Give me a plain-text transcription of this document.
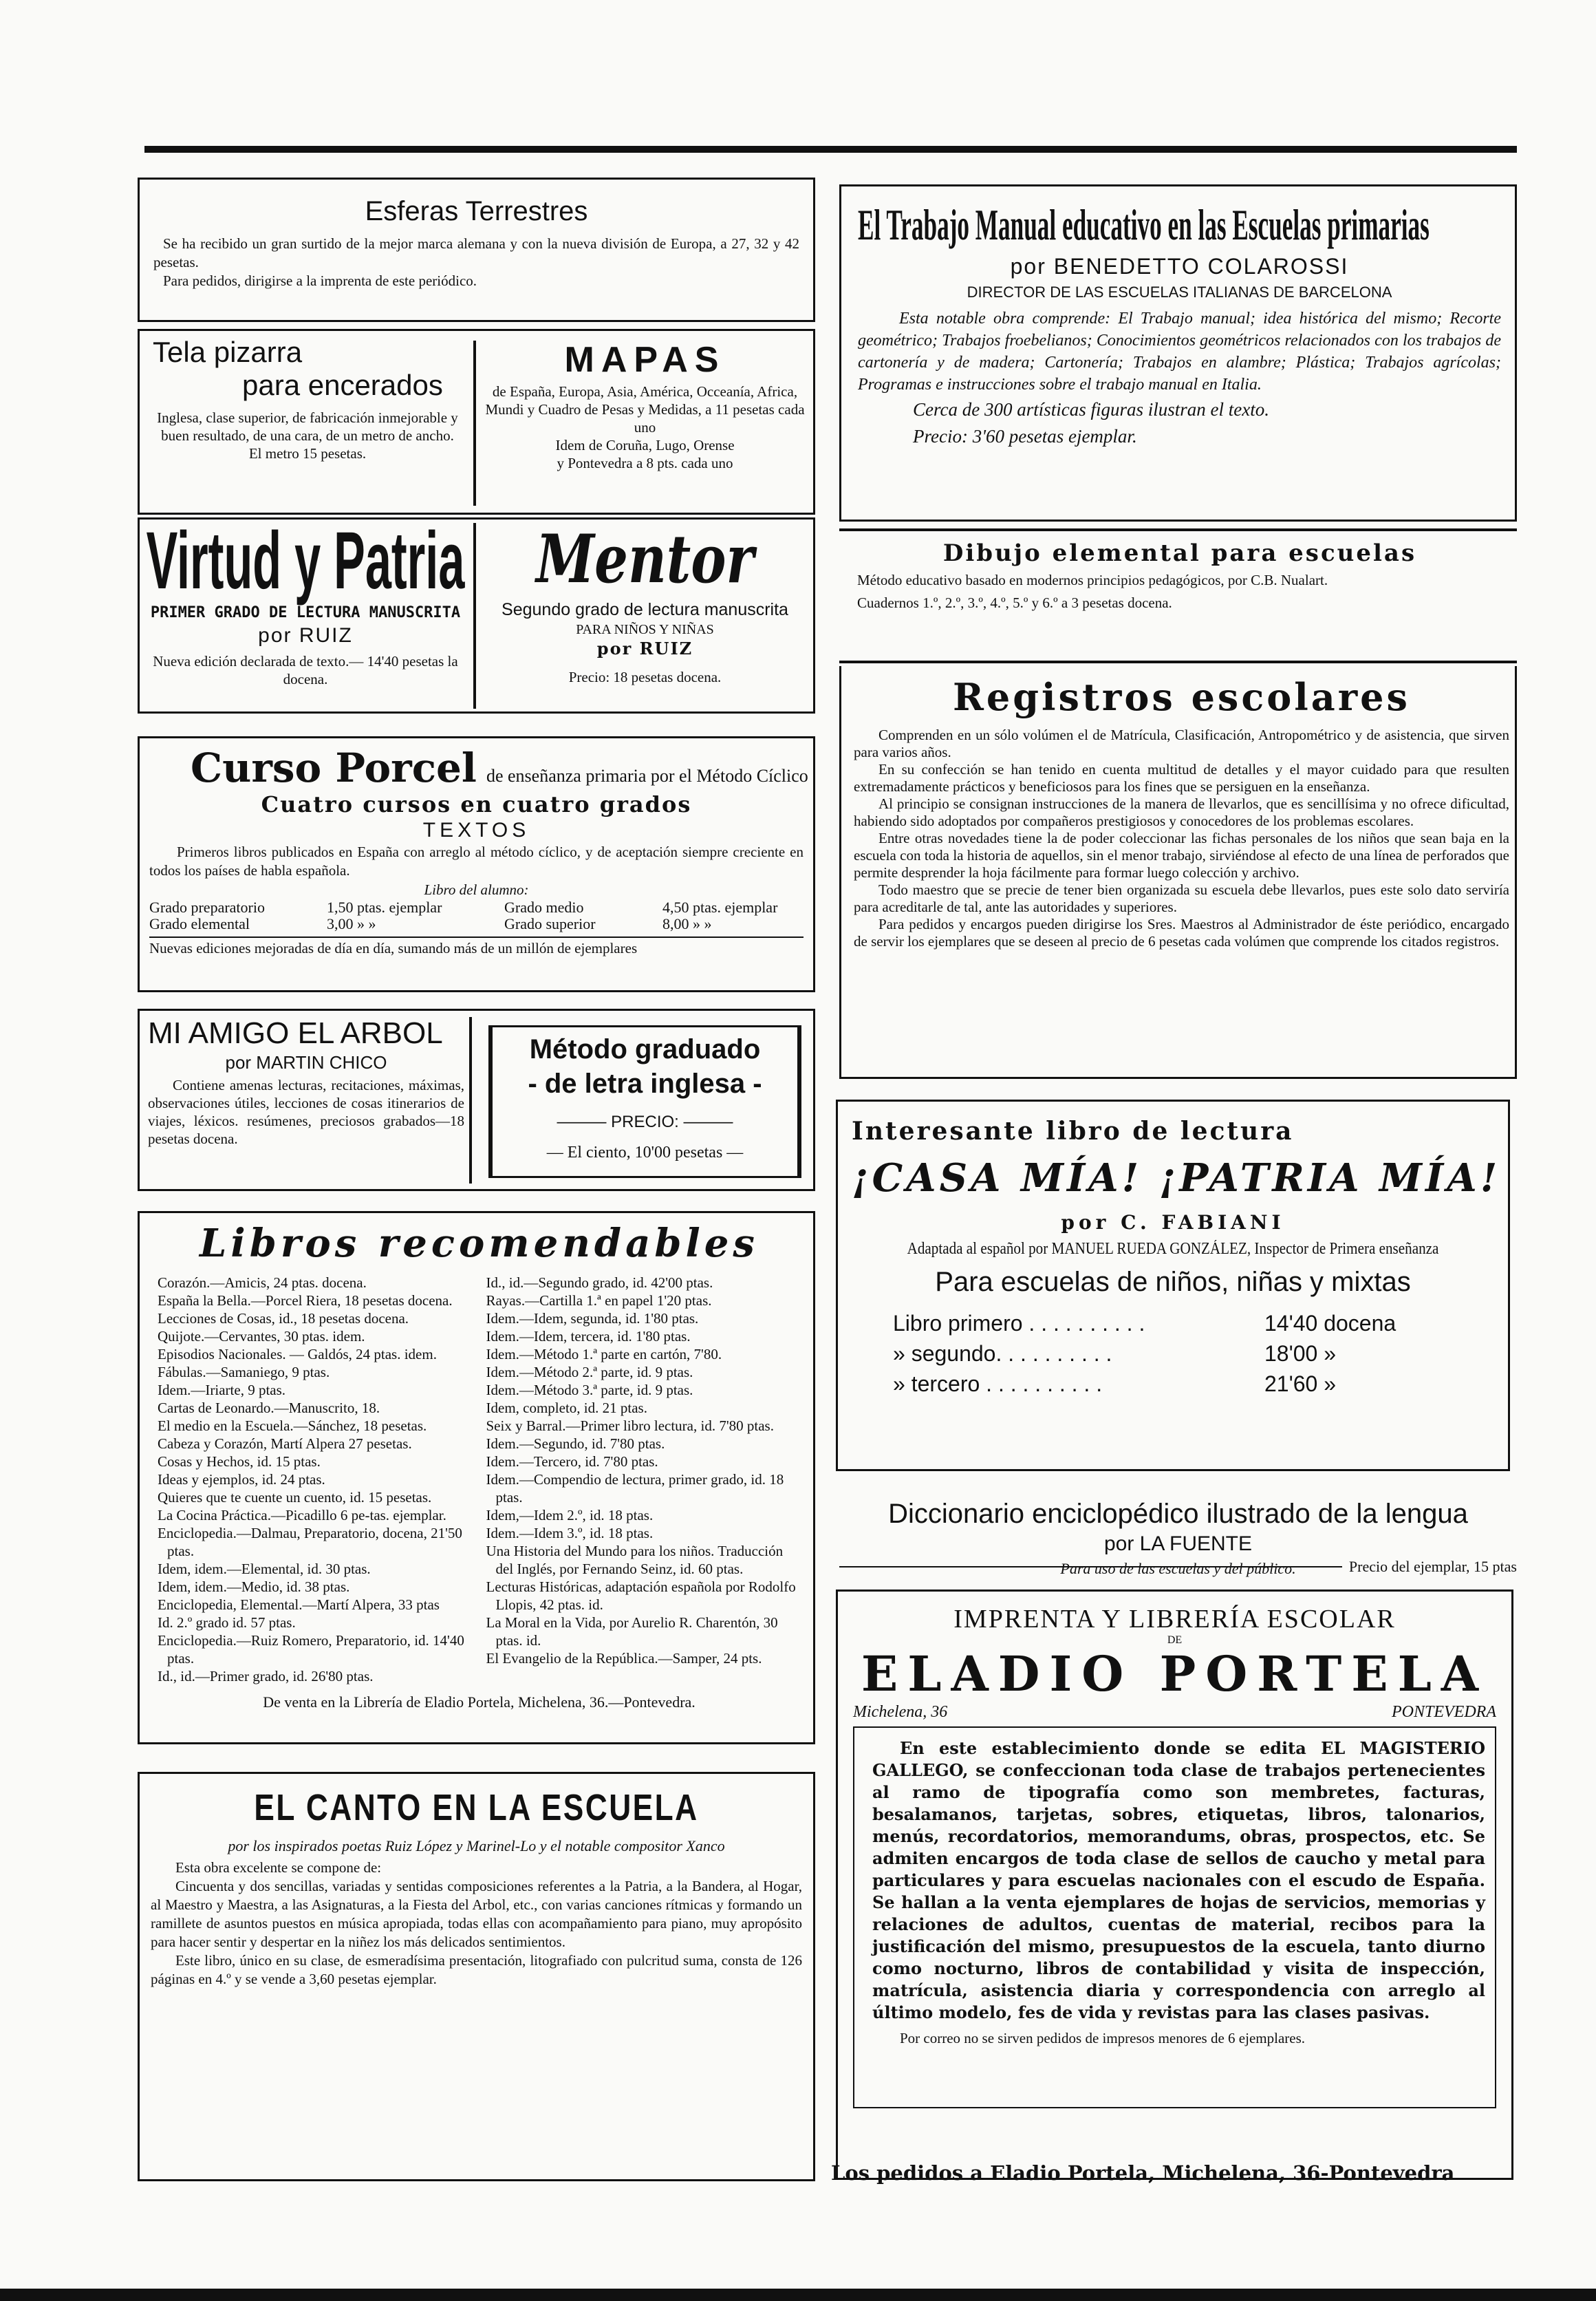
Esferas Terrestres
Se ha recibido un gran surtido de la mejor marca alemana y con la nueva división de Europa, a 27, 32 y 42 pesetas.
Para pedidos, dirigirse a la imprenta de este periódico.
Tela pizarra
para encerados
Inglesa, clase superior, de fabricación inmejorable y buen resultado, de una cara, de un metro de ancho.
El metro 15 pesetas.
MAPAS
de España, Europa, Asia, América, Occeanía, Africa, Mundi y Cuadro de Pesas y Medidas, a 11 pesetas cada uno
Idem de Coruña, Lugo, Orense
y Pontevedra a 8 pts. cada uno
Virtud y Patria
PRIMER GRADO DE LECTURA MANUSCRITA
por RUIZ
Nueva edición declarada de texto.— 14'40 pesetas la docena.
Mentor
Segundo grado de lectura manuscrita
PARA NIÑOS Y NIÑAS
por RUIZ
Precio: 18 pesetas docena.
Curso Porcel de enseñanza primaria por el Método Cíclico
Cuatro cursos en cuatro grados
TEXTOS
Primeros libros publicados en España con arreglo al método cíclico, y de aceptación siempre creciente en todos los países de habla española.
Libro del alumno:
Grado preparatorio	1,50 ptas. ejemplar	Grado medio	4,50 ptas. ejemplar
Grado elemental	3,00 » »	Grado superior	8,00 » »
Nuevas ediciones mejoradas de día en día, sumando más de un millón de ejemplares
MI AMIGO EL ARBOL
por MARTIN CHICO
Contiene amenas lecturas, recitaciones, máximas, observaciones útiles, lecciones de cosas itinerarios de viajes, léxicos. resúmenes, preciosos grabados—18 pesetas docena.
Método graduado
- de letra inglesa -
——— PRECIO: ———
— El ciento, 10'00 pesetas —
Libros recomendables
Corazón.—Amicis, 24 ptas. docena.
España la Bella.—Porcel Riera, 18 pesetas docena.
Lecciones de Cosas, id., 18 pesetas docena.
Quijote.—Cervantes, 30 ptas. idem.
Episodios Nacionales. — Galdós, 24 ptas. idem.
Fábulas.—Samaniego, 9 ptas.
Idem.—Iriarte, 9 ptas.
Cartas de Leonardo.—Manuscrito, 18.
El medio en la Escuela.—Sánchez, 18 pesetas.
Cabeza y Corazón, Martí Alpera 27 pesetas.
Cosas y Hechos, id. 15 ptas.
Ideas y ejemplos, id. 24 ptas.
Quieres que te cuente un cuento, id. 15 pesetas.
La Cocina Práctica.—Picadillo 6 pe-tas. ejemplar.
Enciclopedia.—Dalmau, Preparatorio, docena, 21'50 ptas.
Idem, idem.—Elemental, id. 30 ptas.
Idem, idem.—Medio, id. 38 ptas.
Enciclopedia, Elemental.—Martí Alpera, 33 ptas
Id. 2.º grado id. 57 ptas.
Enciclopedia.—Ruiz Romero, Preparatorio, id. 14'40 ptas.
Id., id.—Primer grado, id. 26'80 ptas.
Id., id.—Segundo grado, id. 42'00 ptas.
Rayas.—Cartilla 1.ª en papel 1'20 ptas.
Idem.—Idem, segunda, id. 1'80 ptas.
Idem.—Idem, tercera, id. 1'80 ptas.
Idem.—Método 1.ª parte en cartón, 7'80.
Idem.—Método 2.ª parte, id. 9 ptas.
Idem.—Método 3.ª parte, id. 9 ptas.
Idem, completo, id. 21 ptas.
Seix y Barral.—Primer libro lectura, id. 7'80 ptas.
Idem.—Segundo, id. 7'80 ptas.
Idem.—Tercero, id. 7'80 ptas.
Idem.—Compendio de lectura, primer grado, id. 18 ptas.
Idem,—Idem 2.º, id. 18 ptas.
Idem.—Idem 3.º, id. 18 ptas.
Una Historia del Mundo para los niños. Traducción del Inglés, por Fernando Seinz, id. 60 ptas.
Lecturas Históricas, adaptación española por Rodolfo Llopis, 42 ptas. id.
La Moral en la Vida, por Aurelio R. Charentón, 30 ptas. id.
El Evangelio de la República.—Samper, 24 pts.
De venta en la Librería de Eladio Portela, Michelena, 36.—Pontevedra.
EL CANTO EN LA ESCUELA
por los inspirados poetas Ruiz López y Marinel-Lo y el notable compositor Xanco
Esta obra excelente se compone de:
Cincuenta y dos sencillas, variadas y sentidas composiciones referentes a la Patria, a la Bandera, al Hogar, al Maestro y Maestra, a las Asignaturas, a la Fiesta del Arbol, etc., con varias canciones rítmicas y formando un ramillete de asuntos puestos en música apropiada, todas ellas con acompañamiento para piano, muy apropósito para hacer sentir y despertar en la niñez los más delicados sentimientos.
Este libro, único en su clase, de esmeradísima presentación, litografiado con pulcritud suma, consta de 126 páginas en 4.º y se vende a 3,60 pesetas ejemplar.
El Trabajo Manual educativo en las Escuelas primarias
por BENEDETTO COLAROSSI
DIRECTOR DE LAS ESCUELAS ITALIANAS DE BARCELONA
Esta notable obra comprende: El Trabajo manual; idea histórica del mismo; Recorte geométrico; Trabajos froebelianos; Conocimientos geométricos relacionados con los trabajos de cartonería y de madera; Cartonería; Trabajos en alambre; Plástica; Trabajos agrícolas; Programas e instrucciones sobre el trabajo manual en Italia.
Cerca de 300 artísticas figuras ilustran el texto.
Precio: 3'60 pesetas ejemplar.
Dibujo elemental para escuelas
Método educativo basado en modernos principios pedagógicos, por C.B. Nualart.
Cuadernos 1.º, 2.º, 3.º, 4.º, 5.º y 6.º a 3 pesetas docena.
Registros escolares
Comprenden en un sólo volúmen el de Matrícula, Clasificación, Antropométrico y de asistencia, que sirven para varios años.
En su confección se han tenido en cuenta multitud de detalles y el mayor cuidado para que resulten extremadamente prácticos y beneficiosos para los fines que se persiguen en la enseñanza.
Al principio se consignan instrucciones de la manera de llevarlos, que es sencillísima y no ofrece dificultad, habiendo sido adoptados por compañeros prestigiosos y conocedores de los problemas escolares.
Entre otras novedades tiene la de poder coleccionar las fichas personales de los niños que sean baja en la escuela con toda la historia de aquellos, sin el menor trabajo, sirviéndose al efecto de una línea de perforados que permite desprender la hoja fácilmente para formar luego colección y archivo.
Todo maestro que se precie de tener bien organizada su escuela debe llevarlos, pues este solo dato serviría para acreditarle de tal, ante las autoridades y superiores.
Para pedidos y encargos pueden dirigirse los Sres. Maestros al Administrador de éste periódico, encargado de servir los ejemplares que se deseen al precio de 6 pesetas cada volúmen que comprende los citados registros.
Interesante libro de lectura
¡CASA MÍA! ¡PATRIA MÍA!
por C. FABIANI
Adaptada al español por MANUEL RUEDA GONZÁLEZ, Inspector de Primera enseñanza
Para escuelas de niños, niñas y mixtas
Libro primero . . . . . . . . . .	14'40 docena
» segundo. . . . . . . . . .	18'00 »
» tercero . . . . . . . . . .	21'60 »
Diccionario enciclopédico ilustrado de la lengua
por LA FUENTE
Para uso de las escuelas y del público.	Precio del ejemplar, 15 ptas
IMPRENTA Y LIBRERÍA ESCOLAR
DE
ELADIO PORTELA
Michelena, 36	PONTEVEDRA
En este establecimiento donde se edita EL MAGISTERIO GALLEGO, se confeccionan toda clase de trabajos pertenecientes al ramo de tipografía como son membretes, facturas, besalamanos, tarjetas, sobres, etiquetas, libros, talonarios, menús, recordatorios, memorandums, obras, prospectos, etc. Se admiten encargos de toda clase de sellos de caucho y metal para particulares y para escuelas nacionales con el escudo de España. Se hallan a la venta ejemplares de hojas de servicios, memorias y relaciones de adultos, cuentas de material, recibos para la justificación del mismo, presupuestos de la escuela, tanto diurno como nocturno, libros de contabilidad y visita de inspección, matrícula, asistencia diaria y correspondencia con arreglo al último modelo, fes de vida y revistas para las clases pasivas.
Por correo no se sirven pedidos de impresos menores de 6 ejemplares.
Los pedidos a Eladio Portela, Michelena, 36-Pontevedra
